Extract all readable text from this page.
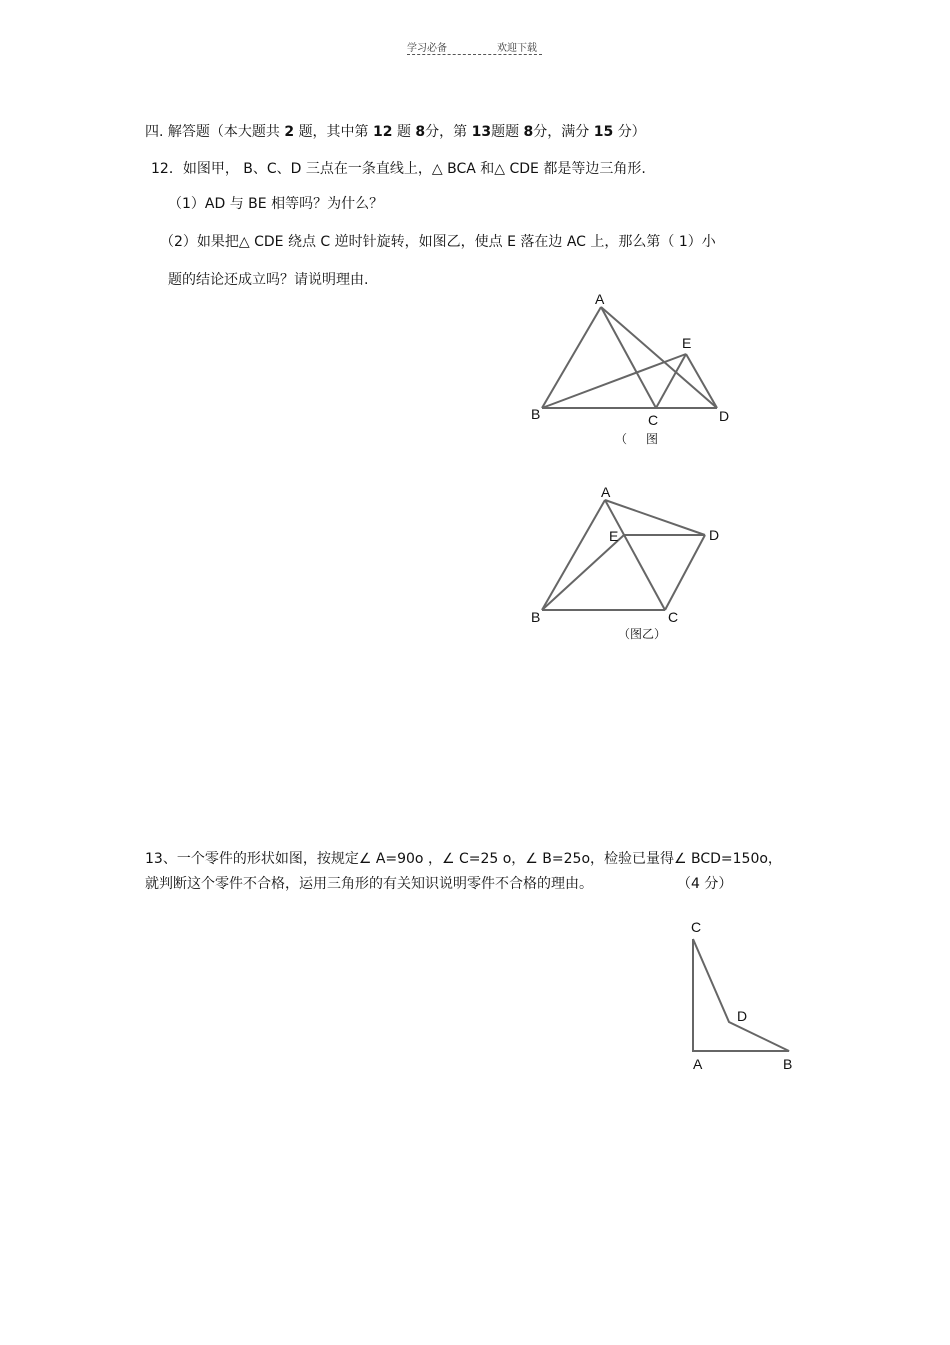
学习必备	欢迎下载
四. 解答题（本大题共 2 题，其中第 12 题 8分，第 13题题 8分，满分 15 分）
12．如图甲， B、C、D 三点在一条直线上，△ BCA 和△ CDE 都是等边三角形.
（1）AD 与 BE 相等吗？为什么？
（2）如果把△ CDE 绕点 C 逆时针旋转，如图乙，使点 E 落在边 AC 上，那么第（ 1）小
题的结论还成立吗？请说明理由.
A
E
B	C	D
（ 图
A
E	D
B	C
（图乙）
13、一个零件的形状如图，按规定∠ A=90o ，∠ C=25 o，∠ B=25o，检验已量得∠ BCD=150o，
就判断这个零件不合格，运用三角形的有关知识说明零件不合格的理由。	（4 分）
C
D
A	B
